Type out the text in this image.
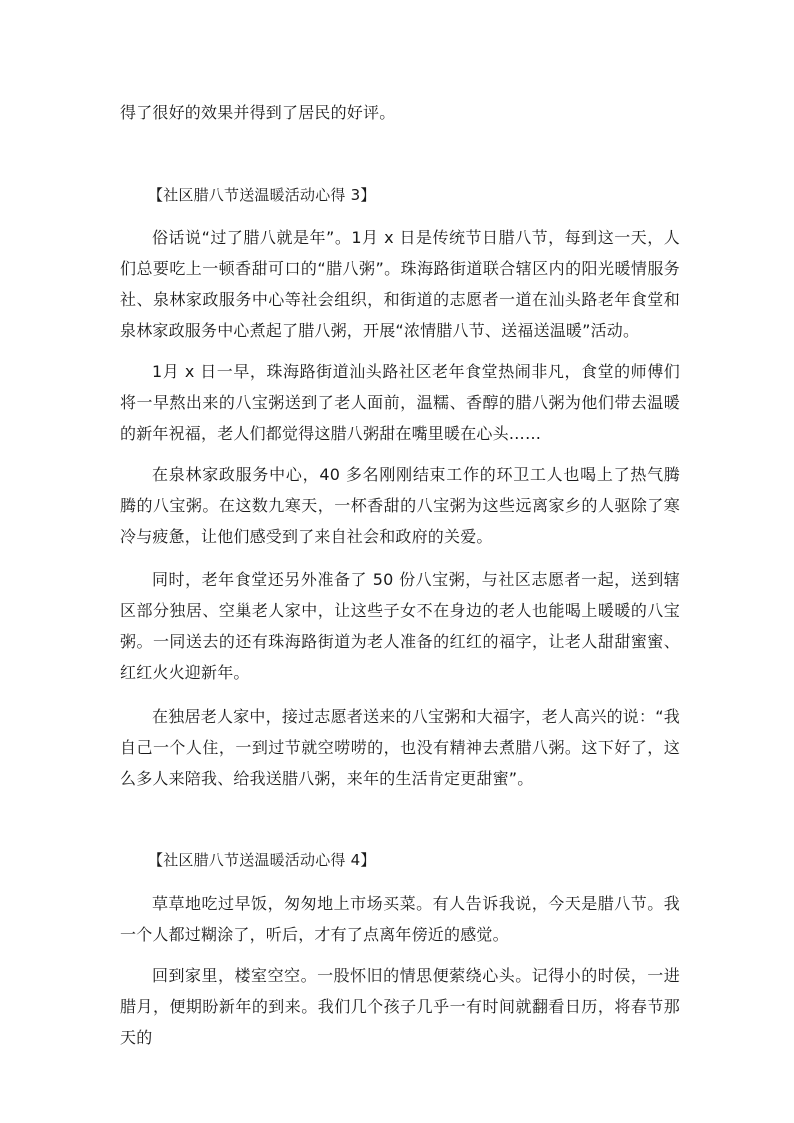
得了很好的效果并得到了居民的好评。

【社区腊八节送温暖活动心得 3】

俗话说“过了腊八就是年”。1月 x 日是传统节日腊八节，每到这一天，人们总要吃上一顿香甜可口的“腊八粥”。珠海路街道联合辖区内的阳光暖情服务社、泉林家政服务中心等社会组织，和街道的志愿者一道在汕头路老年食堂和泉林家政服务中心煮起了腊八粥，开展“浓情腊八节、送福送温暖”活动。

1月 x 日一早，珠海路街道汕头路社区老年食堂热闹非凡，食堂的师傅们将一早熬出来的八宝粥送到了老人面前，温糯、香醇的腊八粥为他们带去温暖的新年祝福，老人们都觉得这腊八粥甜在嘴里暖在心头……

在泉林家政服务中心，40 多名刚刚结束工作的环卫工人也喝上了热气腾腾的八宝粥。在这数九寒天，一杯香甜的八宝粥为这些远离家乡的人驱除了寒冷与疲惫，让他们感受到了来自社会和政府的关爱。

同时，老年食堂还另外准备了 50 份八宝粥，与社区志愿者一起，送到辖区部分独居、空巢老人家中，让这些子女不在身边的老人也能喝上暖暖的八宝粥。一同送去的还有珠海路街道为老人准备的红红的福字，让老人甜甜蜜蜜、红红火火迎新年。

在独居老人家中，接过志愿者送来的八宝粥和大福字，老人高兴的说：“我自己一个人住，一到过节就空唠唠的，也没有精神去煮腊八粥。这下好了，这么多人来陪我、给我送腊八粥，来年的生活肯定更甜蜜”。

【社区腊八节送温暖活动心得 4】

草草地吃过早饭，匆匆地上市场买菜。有人告诉我说，今天是腊八节。我一个人都过糊涂了，听后，才有了点离年傍近的感觉。

回到家里，楼室空空。一股怀旧的情思便萦绕心头。记得小的时侯，一进腊月，便期盼新年的到来。我们几个孩子几乎一有时间就翻看日历，将春节那天的
